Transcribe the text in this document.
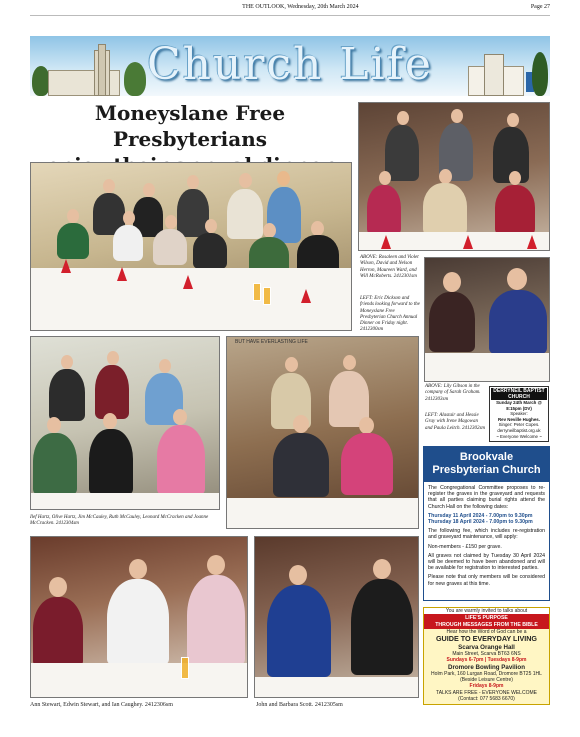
THE OUTLOOK, Wednesday, 20th March 2024	Page 27
Church Life
Moneyslane Free Presbyterians
ABOVE: Rosaleen and Violet Wilson, David and Nelson Herron, Maureen Ward, and Will McRoberts. 2412301sm
LEFT: Eric Dickson and friends looking forward to the Moneyslane Free Presbyterian Church Annual Dinner on Friday night. 2412300sm
ABOVE: Lily Gibson in the company of Sarah Graham. 2412303sm
LEFT: Alastair and Hessie Gray with Irene Magowan and Paula Leitch. 2412302sm
DERRYNEIL BAPTIST CHURCH
Sunday 24th March @ 8:15pm (DV)
Speaker:
Rev Neville Hughes.
Singer: Peter Copes.
derryneilbaptist.org.uk
~ Everyone Welcome ~
Ilef Hartz, Olive Hartz, Jim McCauley, Ruth McCauley, Leonard McCracken and Joanne McCracken. 2412304sm
BUT HAVE EVERLASTING LIFE
Brookvale Presbyterian Church

The Congregational Committee proposes to re-register the graves in the graveyard and requests that all parties claiming burial rights attend the Church Hall on the following dates:

Thursday 11 April 2024 - 7.00pm to 9.30pm
Thursday 18 April 2024 - 7.00pm to 9.30pm

The following fee, which includes re-registration and graveyard maintenance, will apply:

Non-members - £150 per grave.

All graves not claimed by Tuesday 30 April 2024 will be deemed to have been abandoned and will be available for registration to interested parties.

Please note that only members will be considered for new graves at this time.

Ann Stewart, Edwin Stewart, and Ian Caughey. 2412306sm	John and Barbara Scott. 2412305sm
You are warmly invited to talks about
LIFE'S PURPOSE
THROUGH MESSAGES FROM THE BIBLE
Hear how the Word of God can be a
GUIDE TO EVERYDAY LIVING
Scarva Orange Hall
Main Street, Scarva BT63 6NS
Sundays 6-7pm | Tuesdays 8-9pm
Dromore Bowling Pavilion
Holm Park, 160 Lurgan Road, Dromore BT25 1HL
(Beside Leisure Centre)
Fridays 8-9pm
TALKS ARE FREE - EVERYONE WELCOME
(Contact: 077 5683 6670)
